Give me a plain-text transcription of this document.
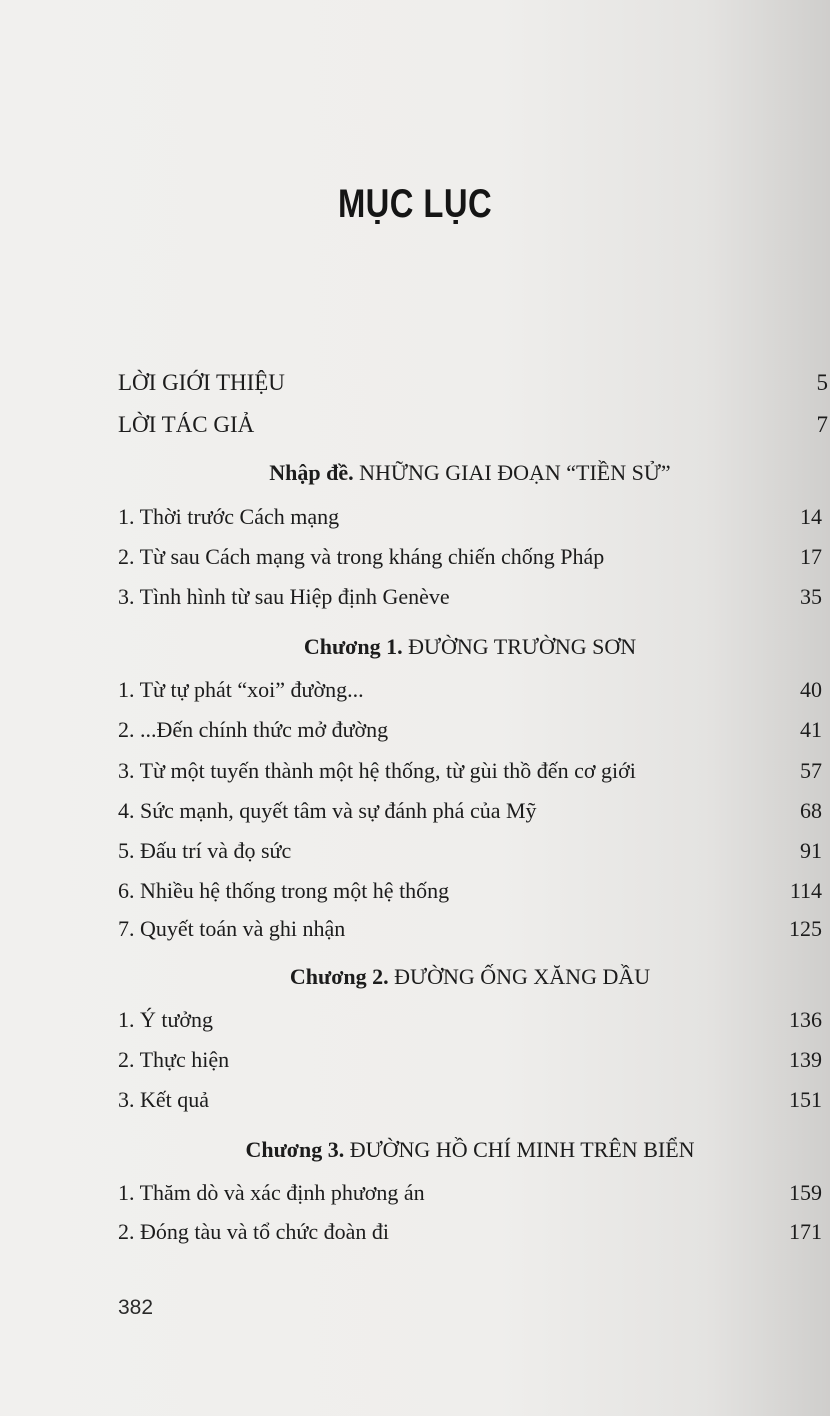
MỤC LỤC
LỜI GIỚI THIỆU	5
LỜI TÁC GIẢ	7
Nhập đề. NHỮNG GIAI ĐOẠN “TIỀN SỬ”
1. Thời trước Cách mạng	14
2. Từ sau Cách mạng và trong kháng chiến chống Pháp	17
3. Tình hình từ sau Hiệp định Genève	35
Chương 1. ĐƯỜNG TRƯỜNG SƠN
1. Từ tự phát “xoi” đường...	40
2. ...Đến chính thức mở đường	41
3. Từ một tuyến thành một hệ thống, từ gùi thồ đến cơ giới	57
4. Sức mạnh, quyết tâm và sự đánh phá của Mỹ	68
5. Đấu trí và đọ sức	91
6. Nhiều hệ thống trong một hệ thống	114
7. Quyết toán và ghi nhận	125
Chương 2. ĐƯỜNG ỐNG XĂNG DẦU
1. Ý tưởng	136
2. Thực hiện	139
3. Kết quả	151
Chương 3. ĐƯỜNG HỒ CHÍ MINH TRÊN BIỂN
1. Thăm dò và xác định phương án	159
2. Đóng tàu và tổ chức đoàn đi	171
382
